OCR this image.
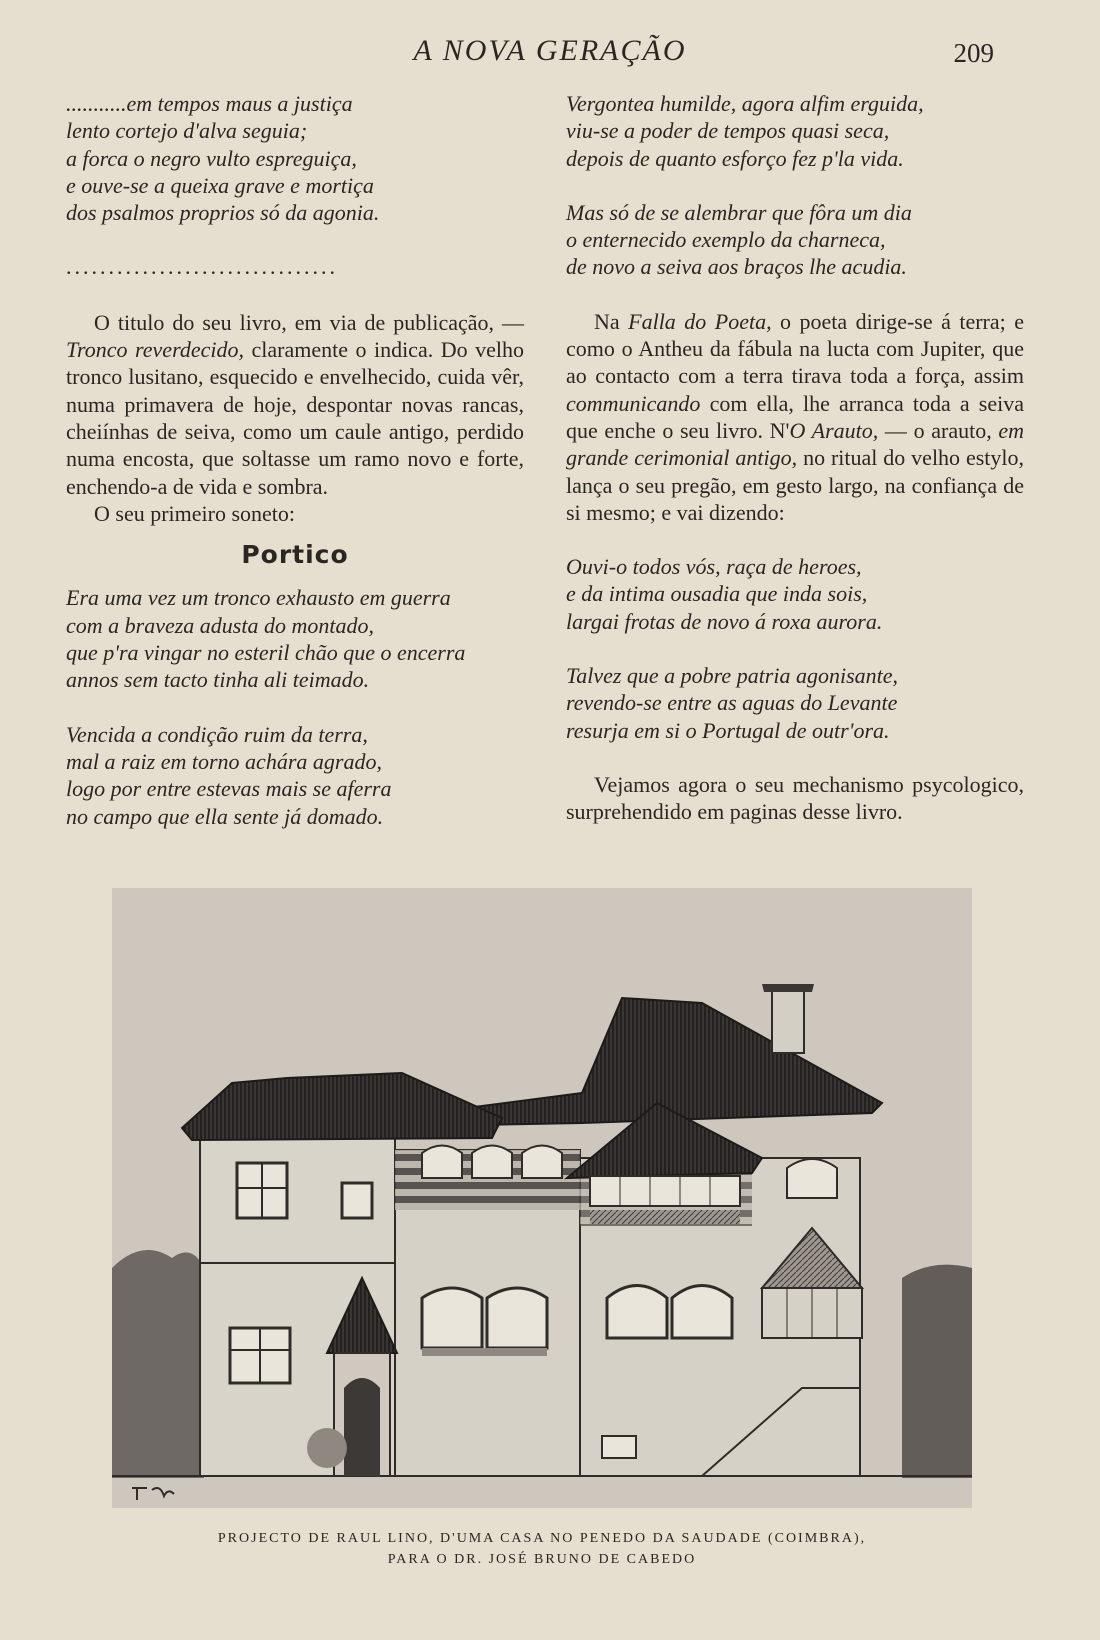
A NOVA GERAÇÃO	209
...........em tempos maus a justiça
lento cortejo d'alva seguia;
a forca o negro vulto espreguiça,
e ouve-se a queixa grave e mortiça
dos psalmos proprios só da agonia.
................................

O titulo do seu livro, em via de publicação, — Tronco reverdecido, claramente o indica. Do velho tronco lusitano, esquecido e envelhecido, cuida vêr, numa primavera de hoje, despontar novas rancas, cheiínhas de seiva, como um caule antigo, perdido numa encosta, que soltasse um ramo novo e forte, enchendo-a de vida e sombra.

O seu primeiro soneto:

Portico
Era uma vez um tronco exhausto em guerra
com a braveza adusta do montado,
que p'ra vingar no esteril chão que o encerra
annos sem tacto tinha ali teimado.
Vencida a condição ruim da terra,
mal a raiz em torno achára agrado,
logo por entre estevas mais se aferra
no campo que ella sente já domado.
Vergontea humilde, agora alfim erguida,
viu-se a poder de tempos quasi seca,
depois de quanto esforço fez p'la vida.
Mas só de se alembrar que fôra um dia
o enternecido exemplo da charneca,
de novo a seiva aos braços lhe acudia.

Na Falla do Poeta, o poeta dirige-se á terra; e como o Antheu da fábula na lucta com Jupiter, que ao contacto com a terra tirava toda a força, assim communicando com ella, lhe arranca toda a seiva que enche o seu livro. N'O Arauto, — o arauto, em grande cerimonial antigo, no ritual do velho estylo, lança o seu pregão, em gesto largo, na confiança de si mesmo; e vai dizendo:

Ouvi-o todos vós, raça de heroes,
e da intima ousadia que inda sois,
largai frotas de novo á roxa aurora.
Talvez que a pobre patria agonisante,
revendo-se entre as aguas do Levante
resurja em si o Portugal de outr'ora.

Vejamos agora o seu mechanismo psycologico, surprehendido em paginas desse livro.

PROJECTO DE RAUL LINO, D'UMA CASA NO PENEDO DA SAUDADE (COIMBRA),
PARA O DR. JOSÉ BRUNO DE CABEDO
